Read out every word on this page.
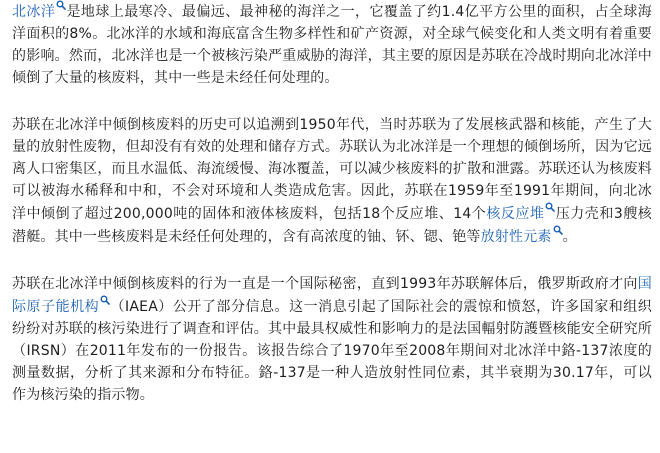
北冰洋 是地球上最寒冷、最偏远、最神秘的海洋之一，它覆盖了约1.4亿平方公里的面积，占全球海洋面积的8%。北冰洋的水域和海底富含生物多样性和矿产资源，对全球气候变化和人类文明有着重要的影响。然而，北冰洋也是一个被核污染严重威胁的海洋，其主要的原因是苏联在冷战时期向北冰洋中倾倒了大量的核废料，其中一些是未经任何处理的。

苏联在北冰洋中倾倒核废料的历史可以追溯到1950年代，当时苏联为了发展核武器和核能，产生了大量的放射性废物，但却没有有效的处理和储存方式。苏联认为北冰洋是一个理想的倾倒场所，因为它远离人口密集区，而且水温低、海流缓慢、海冰覆盖，可以减少核废料的扩散和泄露。苏联还认为核废料可以被海水稀释和中和，不会对环境和人类造成危害。因此，苏联在1959年至1991年期间，向北冰洋中倾倒了超过200,000吨的固体和液体核废料，包括18个反应堆、14个核反应堆 压力壳和3艘核潜艇。其中一些核废料是未经任何处理的，含有高浓度的铀、钚、锶、铯等放射性元素 。

苏联在北冰洋中倾倒核废料的行为一直是一个国际秘密，直到1993年苏联解体后，俄罗斯政府才向国际原子能机构 （IAEA）公开了部分信息。这一消息引起了国际社会的震惊和愤怒，许多国家和组织纷纷对苏联的核污染进行了调查和评估。其中最具权威性和影响力的是法国輻射防護暨核能安全研究所（IRSN）在2011年发布的一份报告。该报告综合了1970年至2008年期间对北冰洋中鉻-137浓度的测量数据，分析了其来源和分布特征。鉻-137是一种人造放射性同位素，其半衰期为30.17年，可以作为核污染的指示物。
